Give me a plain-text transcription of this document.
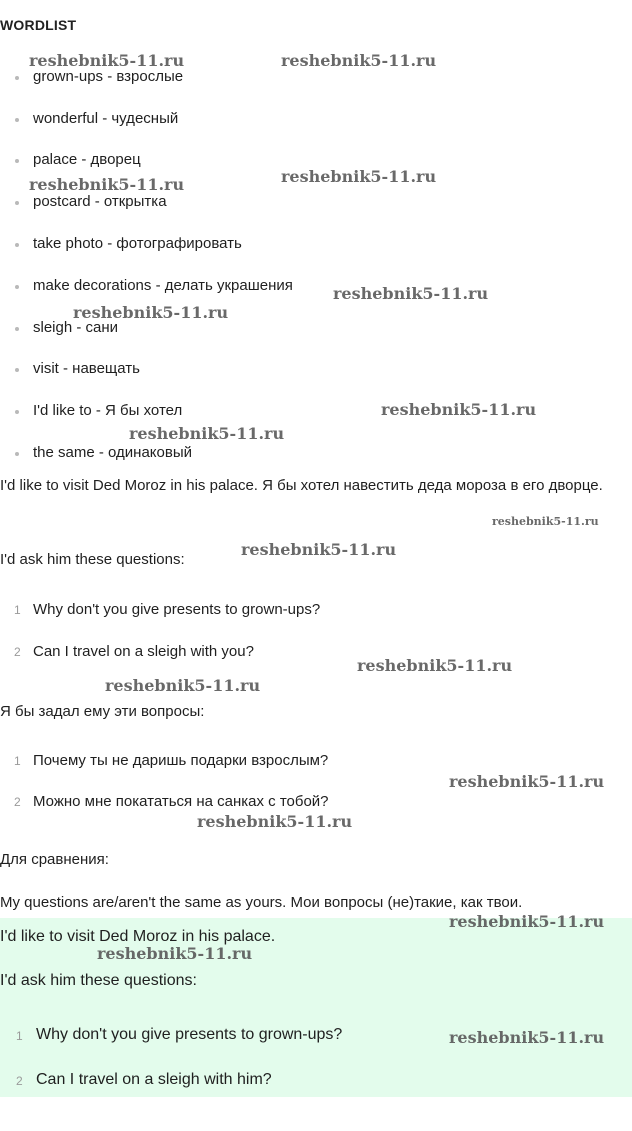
WORDLIST
grown-ups - взрослые
wonderful - чудесный
palace - дворец
postcard - открытка
take photo - фотографировать
make decorations - делать украшения
sleigh - сани
visit - навещать
I'd like to - Я бы хотел
the same - одинаковый
I'd like to visit Ded Moroz in his palace. Я бы хотел навестить деда мороза в его дворце.
I'd ask him these questions:
1 Why don't you give presents to grown-ups?
2 Can I travel on a sleigh with you?
Я бы задал ему эти вопросы:
1 Почему ты не даришь подарки взрослым?
2 Можно мне покататься на санках с тобой?
Для сравнения:
My questions are/aren't the same as yours. Мои вопросы (не)такие, как твои.
I'd like to visit Ded Moroz in his palace.
I'd ask him these questions:
1 Why don't you give presents to grown-ups?
2 Can I travel on a sleigh with him?
reshebnik5-11.ru	reshebnik5-11.ru
reshebnik5-11.ru	reshebnik5-11.ru
reshebnik5-11.ru
reshebnik5-11.ru
reshebnik5-11.ru
reshebnik5-11.ru
reshebnik5-11.ru
reshebnik5-11.ru
reshebnik5-11.ru
reshebnik5-11.ru
reshebnik5-11.ru
reshebnik5-11.ru
reshebnik5-11.ru
reshebnik5-11.ru
reshebnik5-11.ru
